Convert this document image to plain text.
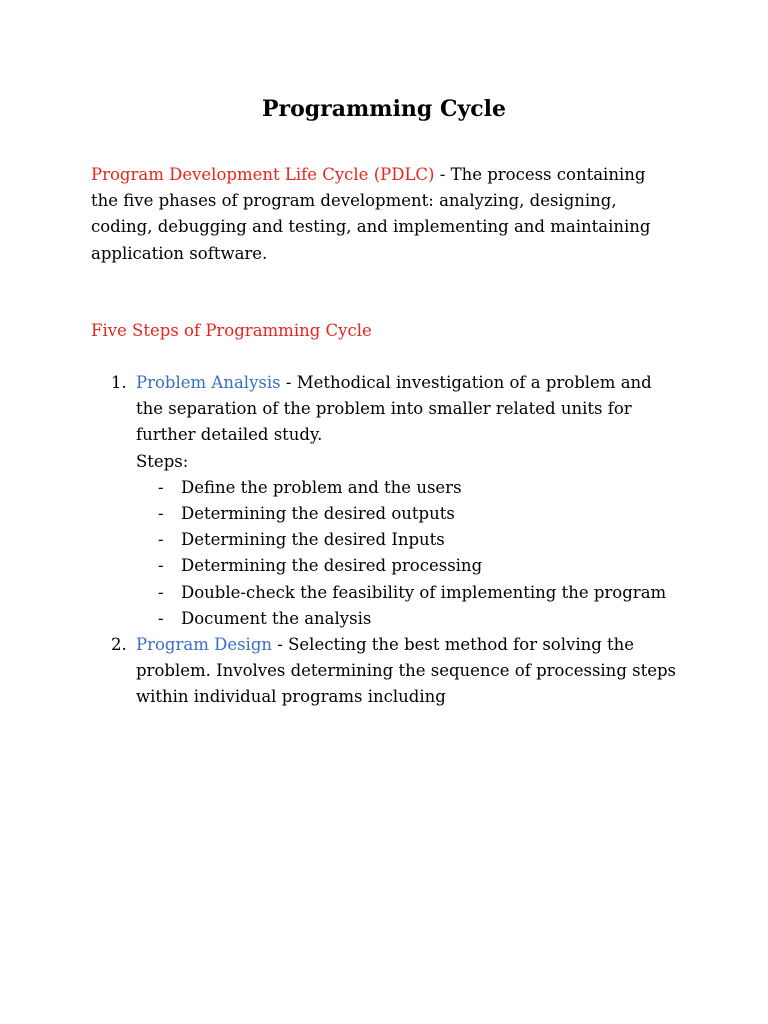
Programming Cycle

Program Development Life Cycle (PDLC) - The process containing the five phases of program development: analyzing, designing, coding, debugging and testing, and implementing and maintaining application software.

Five Steps of Programming Cycle

1. Problem Analysis - Methodical investigation of a problem and the separation of the problem into smaller related units for further detailed study.
Steps:
- Define the problem and the users
- Determining the desired outputs
- Determining the desired Inputs
- Determining the desired processing
- Double-check the feasibility of implementing the program
- Document the analysis
2. Program Design - Selecting the best method for solving the problem. Involves determining the sequence of processing steps within individual programs including
